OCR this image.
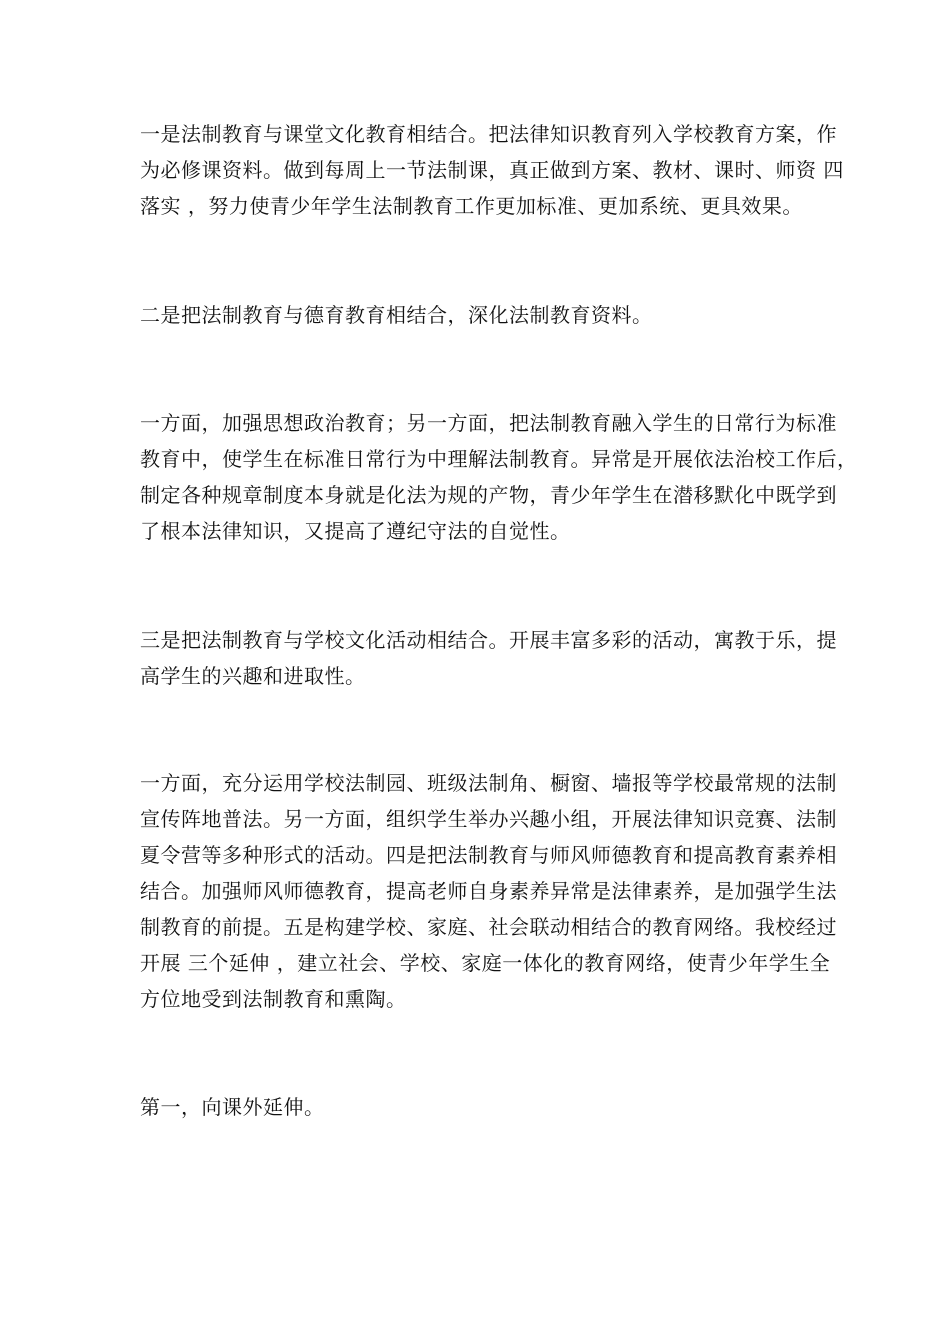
一是法制教育与课堂文化教育相结合。把法律知识教育列入学校教育方案，作
为必修课资料。做到每周上一节法制课，真正做到方案、教材、课时、师资 四
落实 ，努力使青少年学生法制教育工作更加标准、更加系统、更具效果。

二是把法制教育与德育教育相结合，深化法制教育资料。

一方面，加强思想政治教育；另一方面，把法制教育融入学生的日常行为标准
教育中，使学生在标准日常行为中理解法制教育。异常是开展依法治校工作后，
制定各种规章制度本身就是化法为规的产物，青少年学生在潜移默化中既学到
了根本法律知识，又提高了遵纪守法的自觉性。

三是把法制教育与学校文化活动相结合。开展丰富多彩的活动，寓教于乐，提
高学生的兴趣和进取性。

一方面，充分运用学校法制园、班级法制角、橱窗、墙报等学校最常规的法制
宣传阵地普法。另一方面，组织学生举办兴趣小组，开展法律知识竞赛、法制
夏令营等多种形式的活动。四是把法制教育与师风师德教育和提高教育素养相
结合。加强师风师德教育，提高老师自身素养异常是法律素养，是加强学生法
制教育的前提。五是构建学校、家庭、社会联动相结合的教育网络。我校经过
开展 三个延伸 ，建立社会、学校、家庭一体化的教育网络，使青少年学生全
方位地受到法制教育和熏陶。

第一，向课外延伸。
